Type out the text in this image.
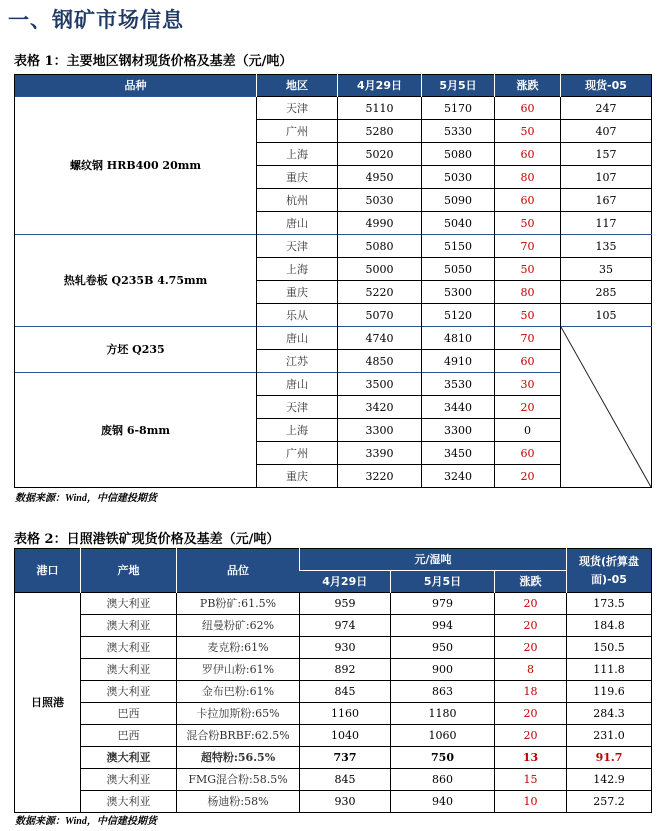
一、钢矿市场信息
表格 1：主要地区钢材现货价格及基差（元/吨）
品种	地区	4月29日	5月5日	涨跌	现货-05
螺纹钢 HRB400 20mm	天津	5110	5170	60	247
	广州	5280	5330	50	407
	上海	5020	5080	60	157
	重庆	4950	5030	80	107
	杭州	5030	5090	60	167
	唐山	4990	5040	50	117
热轧卷板 Q235B 4.75mm	天津	5080	5150	70	135
	上海	5000	5050	50	35
	重庆	5220	5300	80	285
	乐从	5070	5120	50	105
方坯 Q235	唐山	4740	4810	70	

	江苏	4850	4910	60	
废钢 6-8mm	唐山	3500	3530	30	
	天津	3420	3440	20	
	上海	3300	3300	0	
	广州	3390	3450	60	
	重庆	3220	3240	20	
数据来源：Wind，中信建投期货
表格 2：日照港铁矿现货价格及基差（元/吨）
港口	产地	品位	元/湿吨			现货(折算盘面)-05
			4月29日	5月5日	涨跌	
日照港	澳大利亚	PB粉矿:61.5%	959	979	20	173.5
	澳大利亚	纽曼粉矿:62%	974	994	20	184.8
	澳大利亚	麦克粉:61%	930	950	20	150.5
	澳大利亚	罗伊山粉:61%	892	900	8	111.8
	澳大利亚	金布巴粉:61%	845	863	18	119.6
	巴西	卡拉加斯粉:65%	1160	1180	20	284.3
	巴西	混合粉BRBF:62.5%	1040	1060	20	231.0
	澳大利亚	超特粉:56.5%	737	750	13	91.7
	澳大利亚	FMG混合粉:58.5%	845	860	15	142.9
	澳大利亚	杨迪粉:58%	930	940	10	257.2
数据来源：Wind，中信建投期货
